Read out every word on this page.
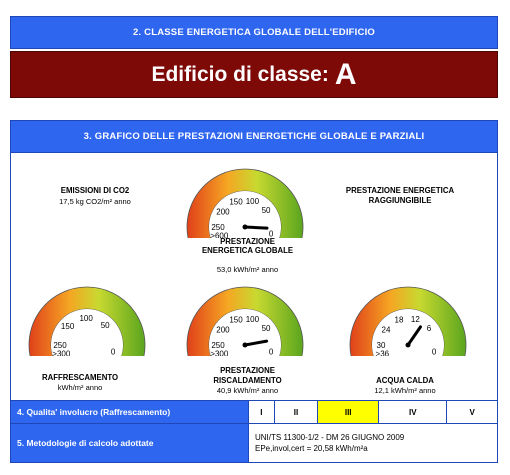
2. CLASSE ENERGETICA GLOBALE DELL'EDIFICIO
Edificio di classe: A
3. GRAFICO DELLE PRESTAZIONI ENERGETICHE GLOBALE E PARZIALI
EMISSIONI DI CO2
17,5 kg CO2/m² anno
PRESTAZIONE ENERGETICA
RAGGIUNGIBILE
>600
250
200
150 100
50
0
PRESTAZIONE
ENERGETICA GLOBALE
53,0 kWh/m² anno
>300
250
150
100
50
0
RAFFRESCAMENTO
kWh/m² anno
>300
250
200
150 100
50
0
PRESTAZIONE
RISCALDAMENTO
40,9 kWh/m² anno
>36
30
24
18 12
6
0
ACQUA CALDA
12,1 kWh/m² anno
4. Qualita' involucro (Raffrescamento)	I	II	III	IV	V
5. Metodologie di calcolo adottate	UNI/TS 11300-1/2 - DM 26 GIUGNO 2009
EPe,invol,cert = 20,58 kWh/m²a				
